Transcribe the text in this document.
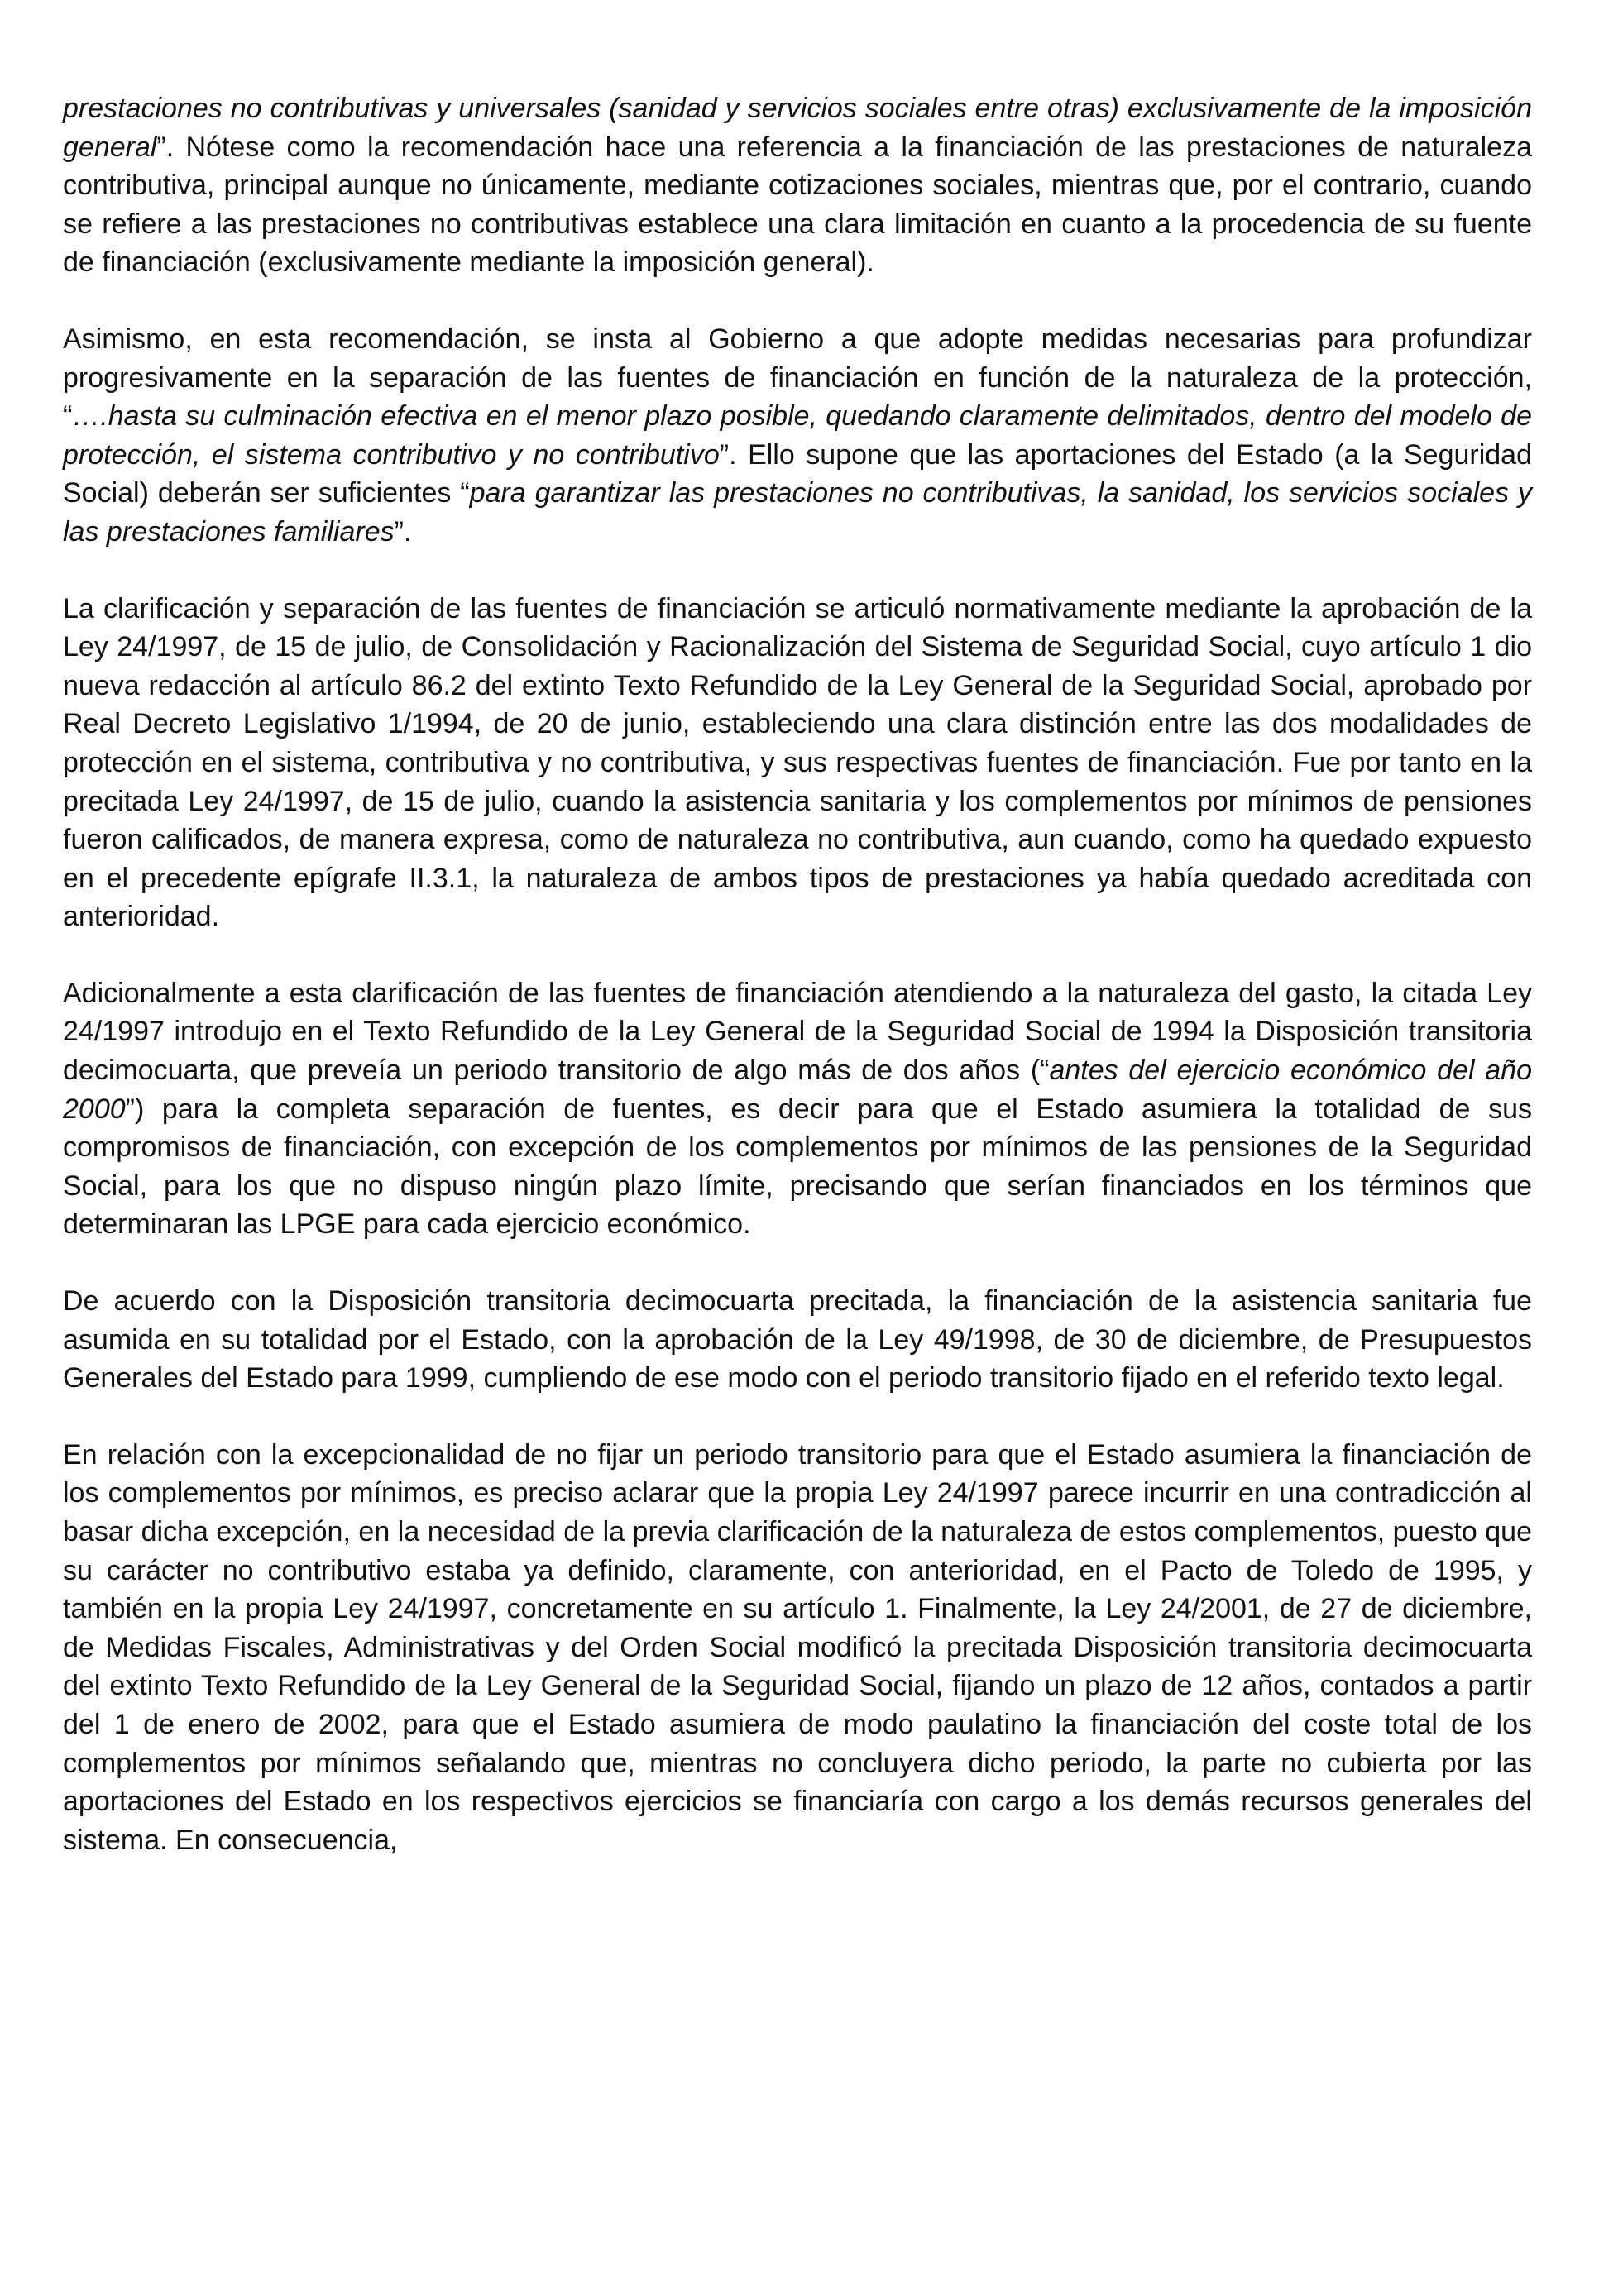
prestaciones no contributivas y universales (sanidad y servicios sociales entre otras) exclusivamente de la imposición general”. Nótese como la recomendación hace una referencia a la financiación de las prestaciones de naturaleza contributiva, principal aunque no únicamente, mediante cotizaciones sociales, mientras que, por el contrario, cuando se refiere a las prestaciones no contributivas establece una clara limitación en cuanto a la procedencia de su fuente de financiación (exclusivamente mediante la imposición general).

Asimismo, en esta recomendación, se insta al Gobierno a que adopte medidas necesarias para profundizar progresivamente en la separación de las fuentes de financiación en función de la naturaleza de la protección, “….hasta su culminación efectiva en el menor plazo posible, quedando claramente delimitados, dentro del modelo de protección, el sistema contributivo y no contributivo”. Ello supone que las aportaciones del Estado (a la Seguridad Social) deberán ser suficientes “para garantizar las prestaciones no contributivas, la sanidad, los servicios sociales y las prestaciones familiares”.

La clarificación y separación de las fuentes de financiación se articuló normativamente mediante la aprobación de la Ley 24/1997, de 15 de julio, de Consolidación y Racionalización del Sistema de Seguridad Social, cuyo artículo 1 dio nueva redacción al artículo 86.2 del extinto Texto Refundido de la Ley General de la Seguridad Social, aprobado por Real Decreto Legislativo 1/1994, de 20 de junio, estableciendo una clara distinción entre las dos modalidades de protección en el sistema, contributiva y no contributiva, y sus respectivas fuentes de financiación. Fue por tanto en la precitada Ley 24/1997, de 15 de julio, cuando la asistencia sanitaria y los complementos por mínimos de pensiones fueron calificados, de manera expresa, como de naturaleza no contributiva, aun cuando, como ha quedado expuesto en el precedente epígrafe II.3.1, la naturaleza de ambos tipos de prestaciones ya había quedado acreditada con anterioridad.

Adicionalmente a esta clarificación de las fuentes de financiación atendiendo a la naturaleza del gasto, la citada Ley 24/1997 introdujo en el Texto Refundido de la Ley General de la Seguridad Social de 1994 la Disposición transitoria decimocuarta, que preveía un periodo transitorio de algo más de dos años (“antes del ejercicio económico del año 2000”) para la completa separación de fuentes, es decir para que el Estado asumiera la totalidad de sus compromisos de financiación, con excepción de los complementos por mínimos de las pensiones de la Seguridad Social, para los que no dispuso ningún plazo límite, precisando que serían financiados en los términos que determinaran las LPGE para cada ejercicio económico.

De acuerdo con la Disposición transitoria decimocuarta precitada, la financiación de la asistencia sanitaria fue asumida en su totalidad por el Estado, con la aprobación de la Ley 49/1998, de 30 de diciembre, de Presupuestos Generales del Estado para 1999, cumpliendo de ese modo con el periodo transitorio fijado en el referido texto legal.

En relación con la excepcionalidad de no fijar un periodo transitorio para que el Estado asumiera la financiación de los complementos por mínimos, es preciso aclarar que la propia Ley 24/1997 parece incurrir en una contradicción al basar dicha excepción, en la necesidad de la previa clarificación de la naturaleza de estos complementos, puesto que su carácter no contributivo estaba ya definido, claramente, con anterioridad, en el Pacto de Toledo de 1995, y también en la propia Ley 24/1997, concretamente en su artículo 1. Finalmente, la Ley 24/2001, de 27 de diciembre, de Medidas Fiscales, Administrativas y del Orden Social modificó la precitada Disposición transitoria decimocuarta del extinto Texto Refundido de la Ley General de la Seguridad Social, fijando un plazo de 12 años, contados a partir del 1 de enero de 2002, para que el Estado asumiera de modo paulatino la financiación del coste total de los complementos por mínimos señalando que, mientras no concluyera dicho periodo, la parte no cubierta por las aportaciones del Estado en los respectivos ejercicios se financiaría con cargo a los demás recursos generales del sistema. En consecuencia,
